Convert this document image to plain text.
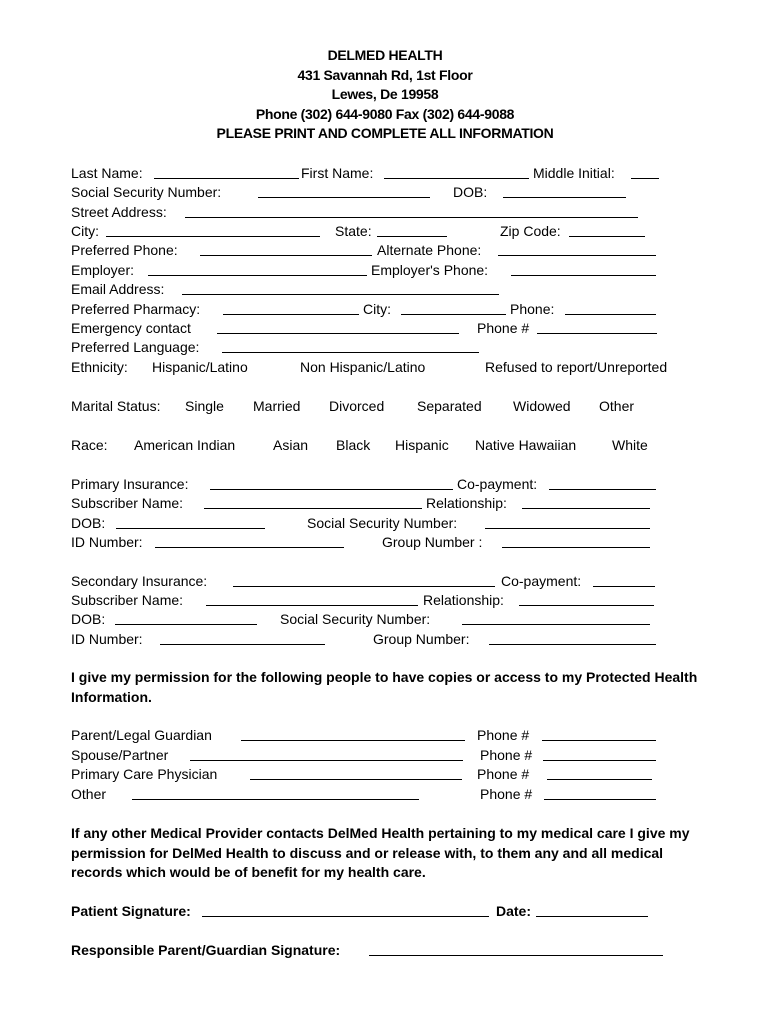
DELMED HEALTH
431 Savannah Rd, 1st Floor
Lewes, De 19958
Phone (302) 644-9080 Fax (302) 644-9088
PLEASE PRINT AND COMPLETE ALL INFORMATION
Last Name:	First Name:	Middle Initial:
Social Security Number:	DOB:
Street Address:
City:	State:	Zip Code:
Preferred Phone:	Alternate Phone:
Employer:	Employer's Phone:
Email Address:
Preferred Pharmacy:	City:	Phone:
Emergency contact	Phone #
Preferred Language:
Ethnicity: Hispanic/Latino	Non Hispanic/Latino	Refused to report/Unreported
Marital Status: Single Married Divorced Separated Widowed Other
Race: American Indian	Asian Black Hispanic Native Hawaiian	White
Primary Insurance:	Co-payment:
Subscriber Name:	Relationship:
DOB:	Social Security Number:
ID Number:	Group Number :
Secondary Insurance:	Co-payment:
Subscriber Name:	Relationship:
DOB:	Social Security Number:
ID Number:	Group Number:
I give my permission for the following people to have copies or access to my Protected Health Information.
Parent/Legal Guardian	Phone #
Spouse/Partner	Phone #
Primary Care Physician	Phone #
Other	Phone #
If any other Medical Provider contacts DelMed Health pertaining to my medical care I give my permission for DelMed Health to discuss and or release with, to them any and all medical records which would be of benefit for my health care.
Patient Signature:	Date:
Responsible Parent/Guardian Signature:
